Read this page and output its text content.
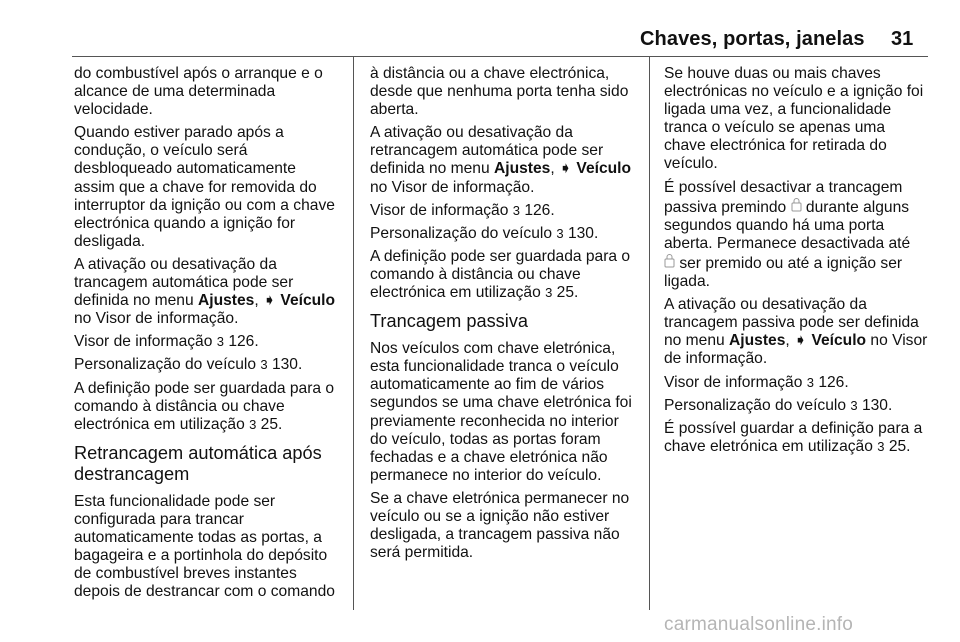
Chaves, portas, janelas 31

do combustível após o arranque e o
alcance de uma determinada
velocidade.

Quando estiver parado após a
condução, o veículo será
desbloqueado automaticamente
assim que a chave for removida do
interruptor da ignição ou com a chave
electrónica quando a ignição for
desligada.

A ativação ou desativação da
trancagem automática pode ser
definida no menu Ajustes, ➧ Veículo
no Visor de informação.

Visor de informação 3 126.

Personalização do veículo 3 130.

A definição pode ser guardada para o
comando à distância ou chave
electrónica em utilização 3 25.

Retrancagem automática após
destrancagem

Esta funcionalidade pode ser
configurada para trancar
automaticamente todas as portas, a
bagageira e a portinhola do depósito
de combustível breves instantes
depois de destrancar com o comando

à distância ou a chave electrónica,
desde que nenhuma porta tenha sido
aberta.

A ativação ou desativação da
retrancagem automática pode ser
definida no menu Ajustes, ➧ Veículo
no Visor de informação.

Visor de informação 3 126.

Personalização do veículo 3 130.

A definição pode ser guardada para o
comando à distância ou chave
electrónica em utilização 3 25.

Trancagem passiva

Nos veículos com chave eletrónica,
esta funcionalidade tranca o veículo
automaticamente ao fim de vários
segundos se uma chave eletrónica foi
previamente reconhecida no interior
do veículo, todas as portas foram
fechadas e a chave eletrónica não
permanece no interior do veículo.

Se a chave eletrónica permanecer no
veículo ou se a ignição não estiver
desligada, a trancagem passiva não
será permitida.

Se houve duas ou mais chaves
electrónicas no veículo e a ignição foi
ligada uma vez, a funcionalidade
tranca o veículo se apenas uma
chave electrónica for retirada do
veículo.

É possível desactivar a trancagem
passiva premindo  durante alguns
segundos quando há uma porta
aberta. Permanece desactivada até
ser premido ou até a ignição ser
ligada.

A ativação ou desativação da
trancagem passiva pode ser definida
no menu Ajustes, ➧ Veículo no Visor
de informação.

Visor de informação 3 126.

Personalização do veículo 3 130.

É possível guardar a definição para a
chave eletrónica em utilização 3 25.

carmanualsonline.info
